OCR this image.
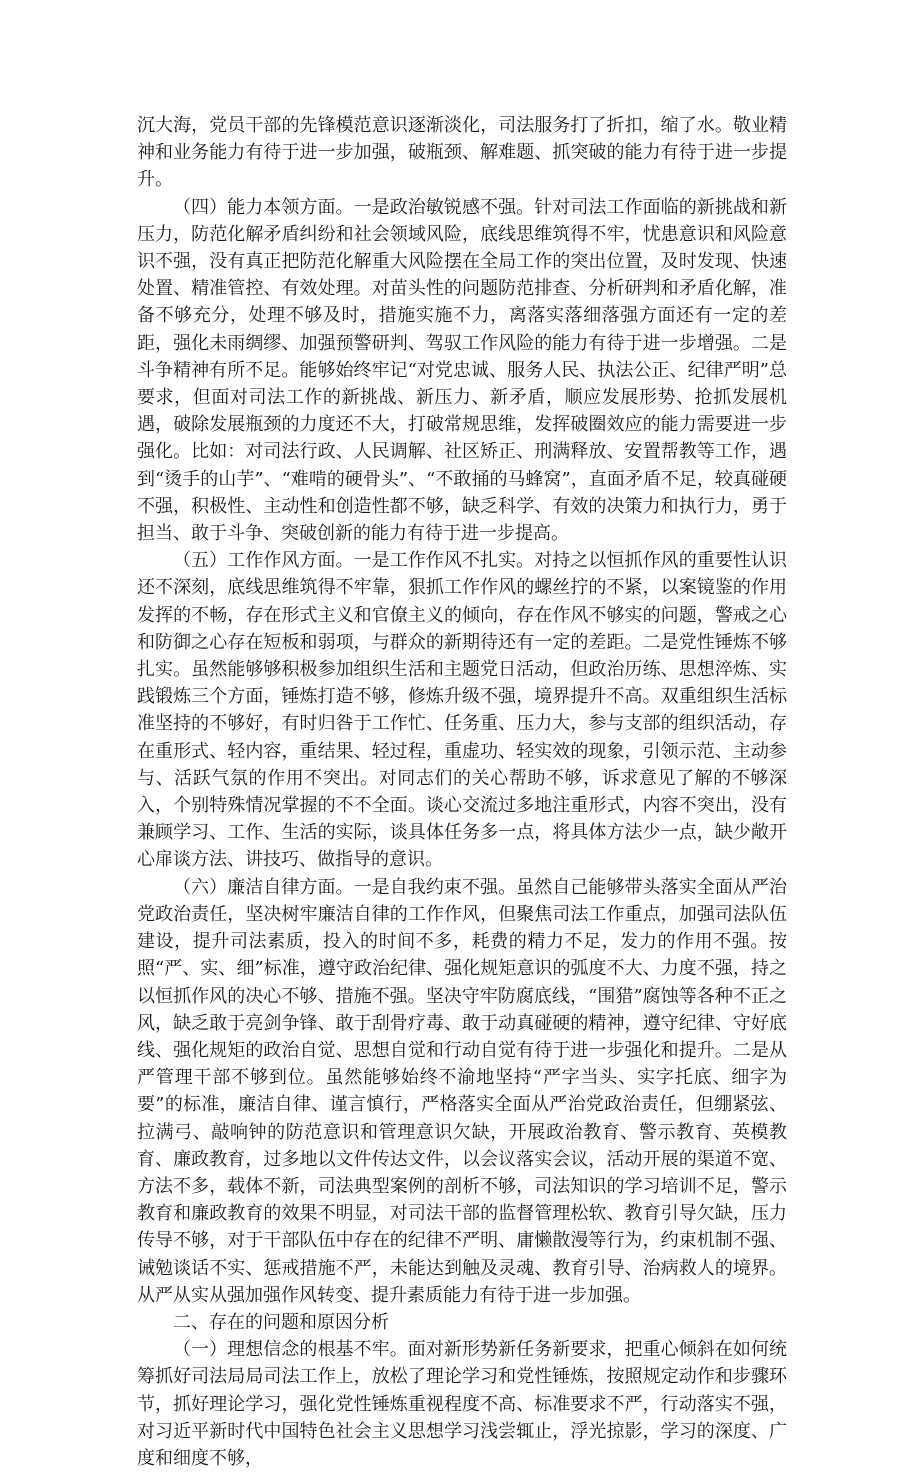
沉大海，党员干部的先锋模范意识逐渐淡化，司法服务打了折扣，缩了水。敬业精神和业务能力有待于进一步加强，破瓶颈、解难题、抓突破的能力有待于进一步提升。

（四）能力本领方面。一是政治敏锐感不强。针对司法工作面临的新挑战和新压力，防范化解矛盾纠纷和社会领域风险，底线思维筑得不牢，忧患意识和风险意识不强，没有真正把防范化解重大风险摆在全局工作的突出位置，及时发现、快速处置、精准管控、有效处理。对苗头性的问题防范排查、分析研判和矛盾化解，准备不够充分，处理不够及时，措施实施不力，离落实落细落强方面还有一定的差距，强化未雨绸缪、加强预警研判、驾驭工作风险的能力有待于进一步增强。二是斗争精神有所不足。能够始终牢记“对党忠诚、服务人民、执法公正、纪律严明”总要求，但面对司法工作的新挑战、新压力、新矛盾，顺应发展形势、抢抓发展机遇，破除发展瓶颈的力度还不大，打破常规思维，发挥破圈效应的能力需要进一步强化。比如：对司法行政、人民调解、社区矫正、刑满释放、安置帮教等工作，遇到“烫手的山芋”、“难啃的硬骨头”、“不敢捅的马蜂窝”，直面矛盾不足，较真碰硬不强，积极性、主动性和创造性都不够，缺乏科学、有效的决策力和执行力，勇于担当、敢于斗争、突破创新的能力有待于进一步提高。

（五）工作作风方面。一是工作作风不扎实。对持之以恒抓作风的重要性认识还不深刻，底线思维筑得不牢靠，狠抓工作作风的螺丝拧的不紧，以案镜鉴的作用发挥的不畅，存在形式主义和官僚主义的倾向，存在作风不够实的问题，警戒之心和防御之心存在短板和弱项，与群众的新期待还有一定的差距。二是党性锤炼不够扎实。虽然能够够积极参加组织生活和主题党日活动，但政治历练、思想淬炼、实践锻炼三个方面，锤炼打造不够，修炼升级不强，境界提升不高。双重组织生活标准坚持的不够好，有时归咎于工作忙、任务重、压力大，参与支部的组织活动，存在重形式、轻内容，重结果、轻过程，重虚功、轻实效的现象，引领示范、主动参与、活跃气氛的作用不突出。对同志们的关心帮助不够，诉求意见了解的不够深入，个别特殊情况掌握的不不全面。谈心交流过多地注重形式，内容不突出，没有兼顾学习、工作、生活的实际，谈具体任务多一点，将具体方法少一点，缺少敞开心扉谈方法、讲技巧、做指导的意识。

（六）廉洁自律方面。一是自我约束不强。虽然自己能够带头落实全面从严治党政治责任，坚决树牢廉洁自律的工作作风，但聚焦司法工作重点，加强司法队伍建设，提升司法素质，投入的时间不多，耗费的精力不足，发力的作用不强。按照“严、实、细”标准，遵守政治纪律、强化规矩意识的弧度不大、力度不强，持之以恒抓作风的决心不够、措施不强。坚决守牢防腐底线，“围猎”腐蚀等各种不正之风，缺乏敢于亮剑争锋、敢于刮骨疗毒、敢于动真碰硬的精神，遵守纪律、守好底线、强化规矩的政治自觉、思想自觉和行动自觉有待于进一步强化和提升。二是从严管理干部不够到位。虽然能够始终不渝地坚持“严字当头、实字托底、细字为要”的标准，廉洁自律、谨言慎行，严格落实全面从严治党政治责任，但绷紧弦、拉满弓、敲响钟的防范意识和管理意识欠缺，开展政治教育、警示教育、英模教育、廉政教育，过多地以文件传达文件，以会议落实会议，活动开展的渠道不宽、方法不多，载体不新，司法典型案例的剖析不够，司法知识的学习培训不足，警示教育和廉政教育的效果不明显，对司法干部的监督管理松软、教育引导欠缺，压力传导不够，对于干部队伍中存在的纪律不严明、庸懒散漫等行为，约束机制不强、诫勉谈话不实、惩戒措施不严，未能达到触及灵魂、教育引导、治病救人的境界。从严从实从强加强作风转变、提升素质能力有待于进一步加强。

二、存在的问题和原因分析

（一）理想信念的根基不牢。面对新形势新任务新要求，把重心倾斜在如何统筹抓好司法局局司法工作上，放松了理论学习和党性锤炼，按照规定动作和步骤环节，抓好理论学习，强化党性锤炼重视程度不高、标准要求不严，行动落实不强，对习近平新时代中国特色社会主义思想学习浅尝辄止，浮光掠影，学习的深度、广度和细度不够，
